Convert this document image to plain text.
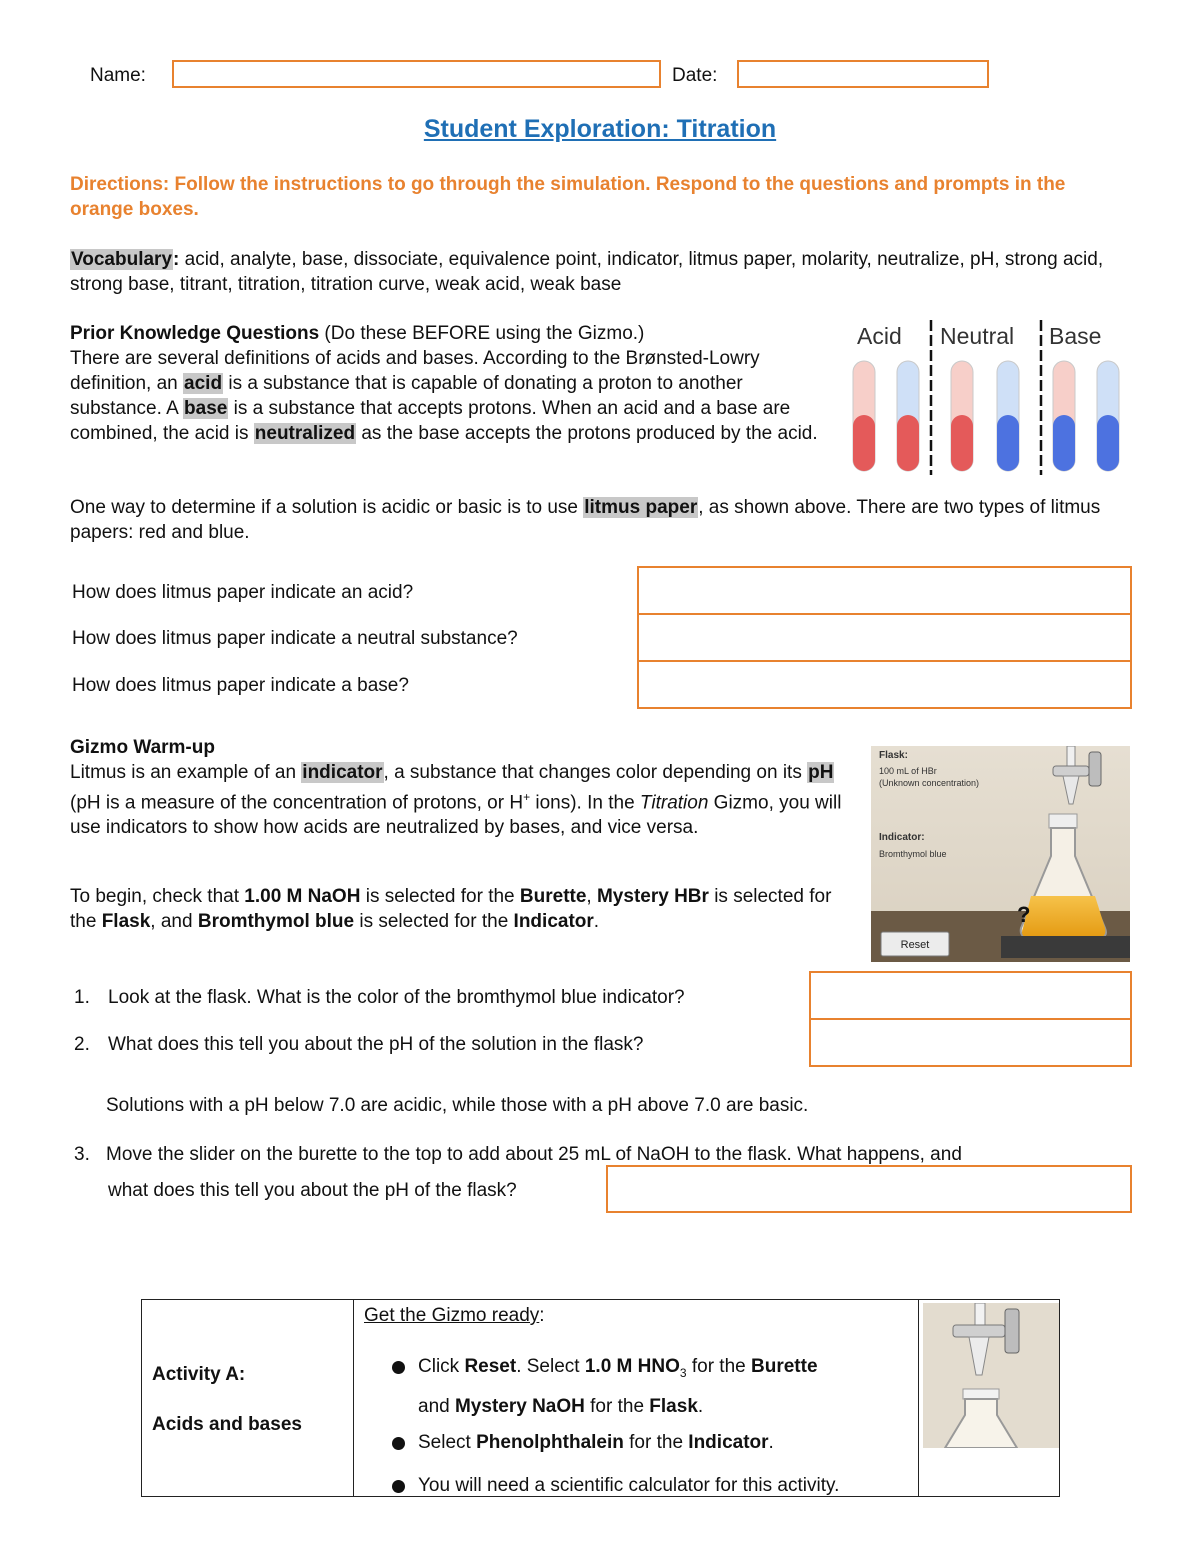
Name:	Date:
Student Exploration: Titration
Directions: Follow the instructions to go through the simulation. Respond to the questions and prompts in the orange boxes.
Vocabulary: acid, analyte, base, dissociate, equivalence point, indicator, litmus paper, molarity, neutralize, pH, strong acid, strong base, titrant, titration, titration curve, weak acid, weak base
Prior Knowledge Questions (Do these BEFORE using the Gizmo.)
There are several definitions of acids and bases. According to the Brønsted-Lowry definition, an acid is a substance that is capable of donating a proton to another substance. A base is a substance that accepts protons. When an acid and a base are combined, the acid is neutralized as the base accepts the protons produced by the acid.
Acid Neutral Base
One way to determine if a solution is acidic or basic is to use litmus paper, as shown above. There are two types of litmus papers: red and blue.
How does litmus paper indicate an acid?
How does litmus paper indicate a neutral substance?
How does litmus paper indicate a base?
Gizmo Warm-up
Litmus is an example of an indicator, a substance that changes color depending on its pH (pH is a measure of the concentration of protons, or H+ ions). In the Titration Gizmo, you will use indicators to show how acids are neutralized by bases, and vice versa.
To begin, check that 1.00 M NaOH is selected for the Burette, Mystery HBr is selected for the Flask, and Bromthymol blue is selected for the Indicator.
Flask:
100 mL of HBr
(Unknown concentration)
Indicator:
Bromthymol blue
?
Reset
1. Look at the flask. What is the color of the bromthymol blue indicator?
2. What does this tell you about the pH of the solution in the flask?
Solutions with a pH below 7.0 are acidic, while those with a pH above 7.0 are basic.
3. Move the slider on the burette to the top to add about 25 mL of NaOH to the flask. What happens, and
what does this tell you about the pH of the flask?
Activity A:
Acids and bases
Get the Gizmo ready:
Click Reset. Select 1.0 M $HNO_3$ for the Burette
and Mystery NaOH for the Flask.
Select Phenolphthalein for the Indicator.
You will need a scientific calculator for this activity.
